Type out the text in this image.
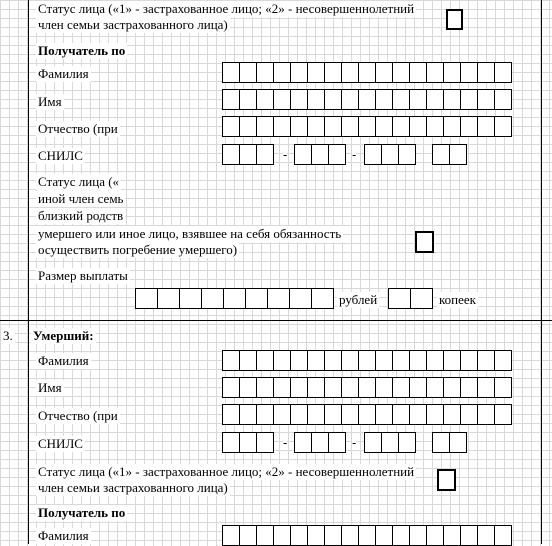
Статус лица («1» - застрахованное лицо; «2» - несовершеннолетний
член семьи застрахованного лица)
Получатель по
Фамилия
Имя
Отчество (при
СНИЛС	-	-
Статус лица («
иной член семь
близкий родств
умершего или иное лицо, взявшее на себя обязанность
осуществить погребение умершего)
Размер выплаты
рублей	копеек
3. Умерший:
Фамилия
Имя
Отчество (при
СНИЛС	-	-
Статус лица («1» - застрахованное лицо; «2» - несовершеннолетний
член семьи застрахованного лица)
Получатель по
Фамилия
